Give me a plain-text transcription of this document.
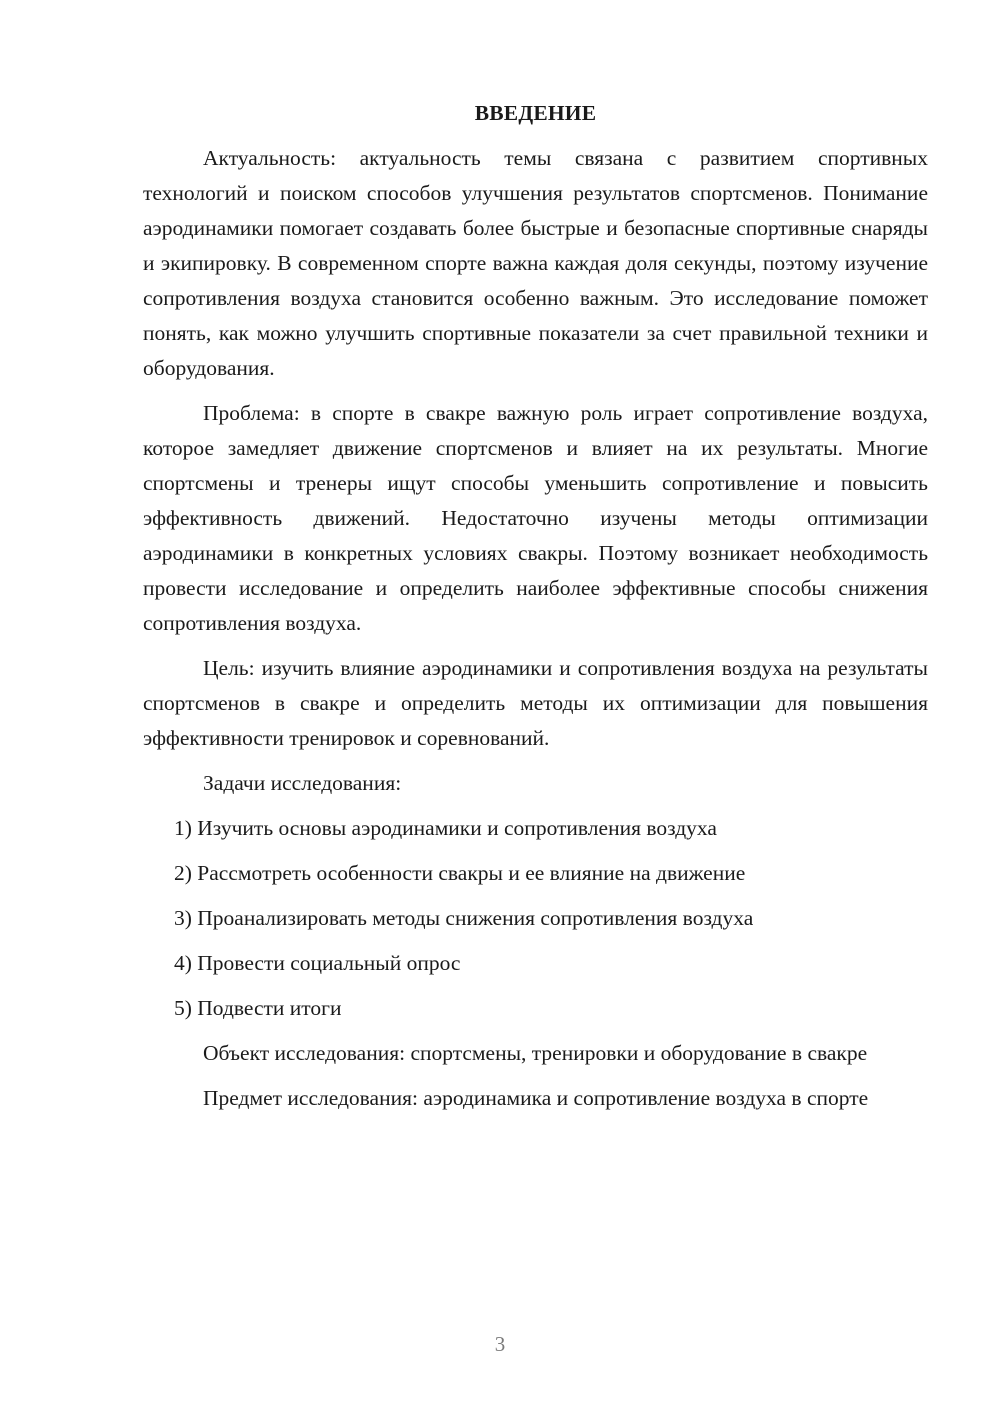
ВВЕДЕНИЕ

Актуальность: актуальность темы связана с развитием спортивных технологий и поиском способов улучшения результатов спортсменов. Понимание аэродинамики помогает создавать более быстрые и безопасные спортивные снаряды и экипировку. В современном спорте важна каждая доля секунды, поэтому изучение сопротивления воздуха становится особенно важным. Это исследование поможет понять, как можно улучшить спортивные показатели за счет правильной техники и оборудования.

Проблема: в спорте в свакре важную роль играет сопротивление воздуха, которое замедляет движение спортсменов и влияет на их результаты. Многие спортсмены и тренеры ищут способы уменьшить сопротивление и повысить эффективность движений. Недостаточно изучены методы оптимизации аэродинамики в конкретных условиях свакры. Поэтому возникает необходимость провести исследование и определить наиболее эффективные способы снижения сопротивления воздуха.

Цель: изучить влияние аэродинамики и сопротивления воздуха на результаты спортсменов в свакре и определить методы их оптимизации для повышения эффективности тренировок и соревнований.

Задачи исследования:

1) Изучить основы аэродинамики и сопротивления воздуха
2) Рассмотреть особенности свакры и ее влияние на движение
3) Проанализировать методы снижения сопротивления воздуха
4) Провести социальный опрос
5) Подвести итоги

Объект исследования: спортсмены, тренировки и оборудование в свакре

Предмет исследования: аэродинамика и сопротивление воздуха в спорте

3
